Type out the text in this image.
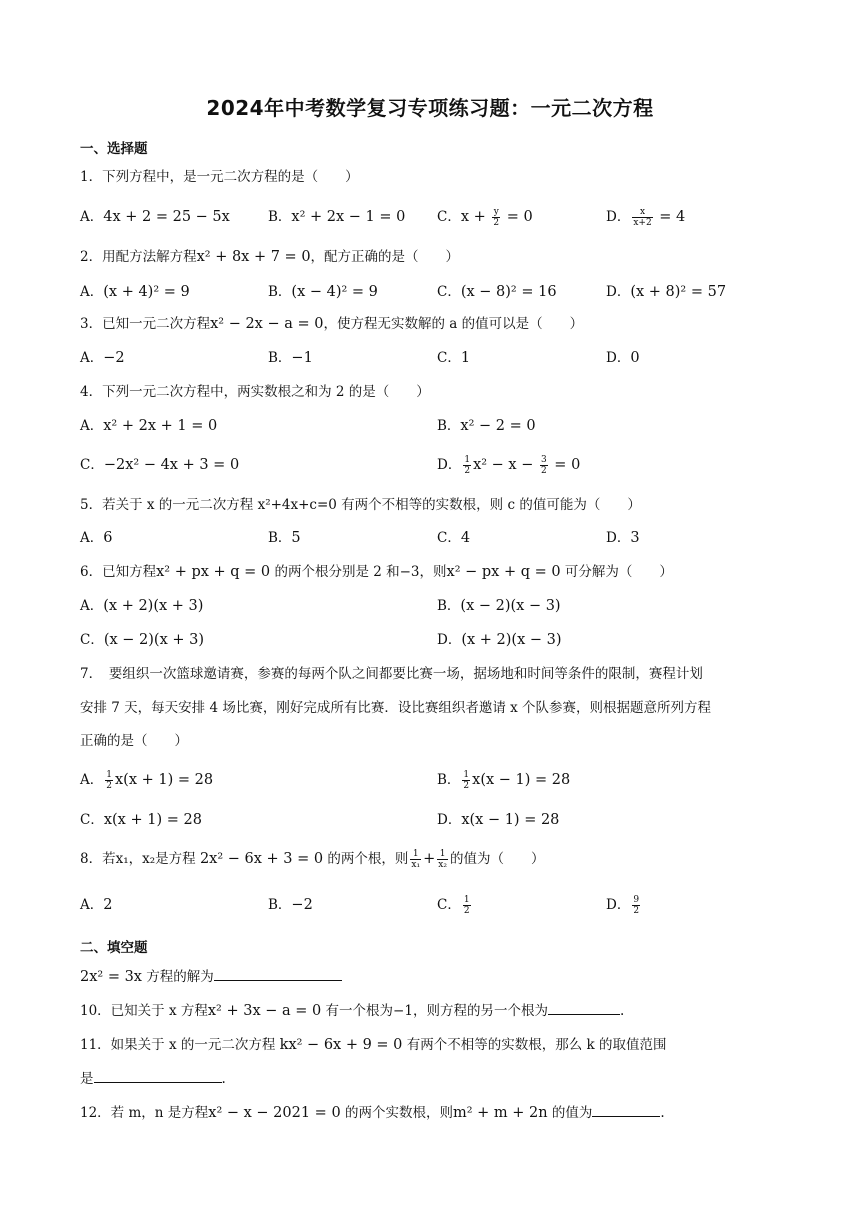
2024年中考数学复习专项练习题：一元二次方程
一、选择题
1．下列方程中，是一元二次方程的是（　　）
A．4x + 2 = 25 − 5x	B．x² + 2x − 1 = 0 C．$x + \frac{y}{2} = 0$	D． $\frac{x}{x+2} = 4$
2．用配方法解方程x² + 8x + 7 = 0，配方正确的是（　　）
A．(x + 4)² = 9	B．(x − 4)² = 9	C．(x − 8)² = 16	D．(x + 8)² = 57
3．已知一元二次方程x² − 2x − a = 0，使方程无实数解的 a 的值可以是（　　）
A．−2	B．−1	C．1	D．0
4．下列一元二次方程中，两实数根之和为 2 的是（　　）
A．x² + 2x + 1 = 0	B．x² − 2 = 0
C．−2x² − 4x + 3 = 0	D． $\frac{1}{2} x^2 - x - \frac{3}{2} = 0$
5．若关于 x 的一元二次方程 x²+4x+c=0 有两个不相等的实数根，则 c 的值可能为（　　）
A．6	B．5	C．4	D．3
6．已知方程x² + px + q = 0 的两个根分别是 2 和−3，则x² − px + q = 0 可分解为（　　）
A．(x + 2)(x + 3)	B．(x − 2)(x − 3)
C．(x − 2)(x + 3)	D．(x + 2)(x − 3)
7．　要组织一次篮球邀请赛，参赛的每两个队之间都要比赛一场，据场地和时间等条件的限制，赛程计划
安排 7 天，每天安排 4 场比赛，刚好完成所有比赛．设比赛组织者邀请 x 个队参赛，则根据题意所列方程
正确的是（　　）
A． $\frac{1}{2} x(x + 1) = 28$	B． $\frac{1}{2} x(x - 1) = 28$
C．x(x + 1) = 28	D．x(x − 1) = 28
8．若x₁，x₂是方程 2x² − 6x + 3 = 0 的两个根，则 $\frac{1}{\text{x₁}} + \frac{1}{\text{x₂}}$ 的值为（　　）
A．2	B．−2	C． $\frac{1}{2}$	D． $\frac{9}{2}$
二、填空题
2x² = 3x 方程的解为
10．已知关于 x 方程x² + 3x − a = 0 有一个根为−1，则方程的另一个根为	.
11．如果关于 x 的一元二次方程 kx² − 6x + 9 = 0 有两个不相等的实数根，那么 k 的取值范围
是	.
12．若 m，n 是方程x² − x − 2021 = 0 的两个实数根，则m² + m + 2n 的值为	.
